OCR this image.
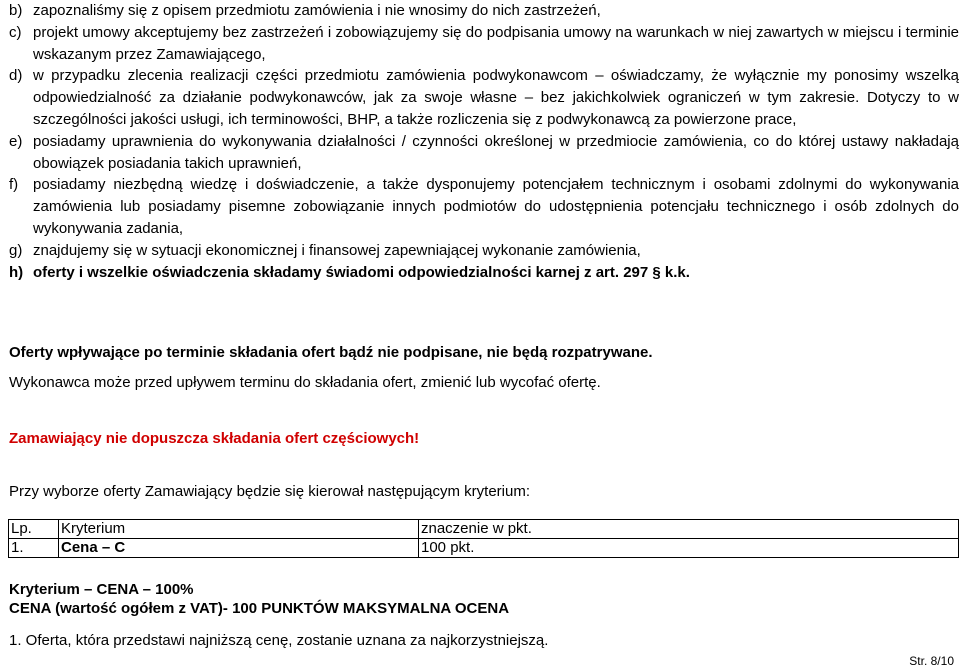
b) zapoznaliśmy się z opisem przedmiotu zamówienia i nie wnosimy do nich zastrzeżeń,
c) projekt umowy akceptujemy bez zastrzeżeń i zobowiązujemy się do podpisania umowy na warunkach w niej zawartych w miejscu i terminie wskazanym przez Zamawiającego,
d) w przypadku zlecenia realizacji części przedmiotu zamówienia podwykonawcom – oświadczamy, że wyłącznie my ponosimy wszelką odpowiedzialność za działanie podwykonawców, jak za swoje własne – bez jakichkolwiek ograniczeń w tym zakresie. Dotyczy to w szczególności jakości usługi, ich terminowości, BHP, a także rozliczenia się z podwykonawcą za powierzone prace,
e) posiadamy uprawnienia do wykonywania działalności / czynności określonej w przedmiocie zamówienia, co do której ustawy nakładają obowiązek posiadania takich uprawnień,
f) posiadamy niezbędną wiedzę i doświadczenie, a także dysponujemy potencjałem technicznym i osobami zdolnymi do wykonywania zamówienia lub posiadamy pisemne zobowiązanie innych podmiotów do udostępnienia potencjału technicznego i osób zdolnych do wykonywania zadania,
g) znajdujemy się w sytuacji ekonomicznej i finansowej zapewniającej wykonanie zamówienia,
h) oferty i wszelkie oświadczenia składamy świadomi odpowiedzialności karnej z art. 297 § k.k.
Oferty wpływające po terminie składania ofert bądź nie podpisane, nie będą rozpatrywane.
Wykonawca może przed upływem terminu do składania ofert, zmienić lub wycofać ofertę.
Zamawiający nie dopuszcza składania ofert częściowych!
Przy wyborze oferty Zamawiający będzie się kierował następującym kryterium:
Lp.	Kryterium	znaczenie w pkt.
1.	Cena – C	100 pkt.
Kryterium – CENA – 100%
CENA (wartość ogółem z VAT)- 100 PUNKTÓW MAKSYMALNA OCENA
1. Oferta, która przedstawi najniższą cenę, zostanie uznana za najkorzystniejszą.
Str. 8/10
